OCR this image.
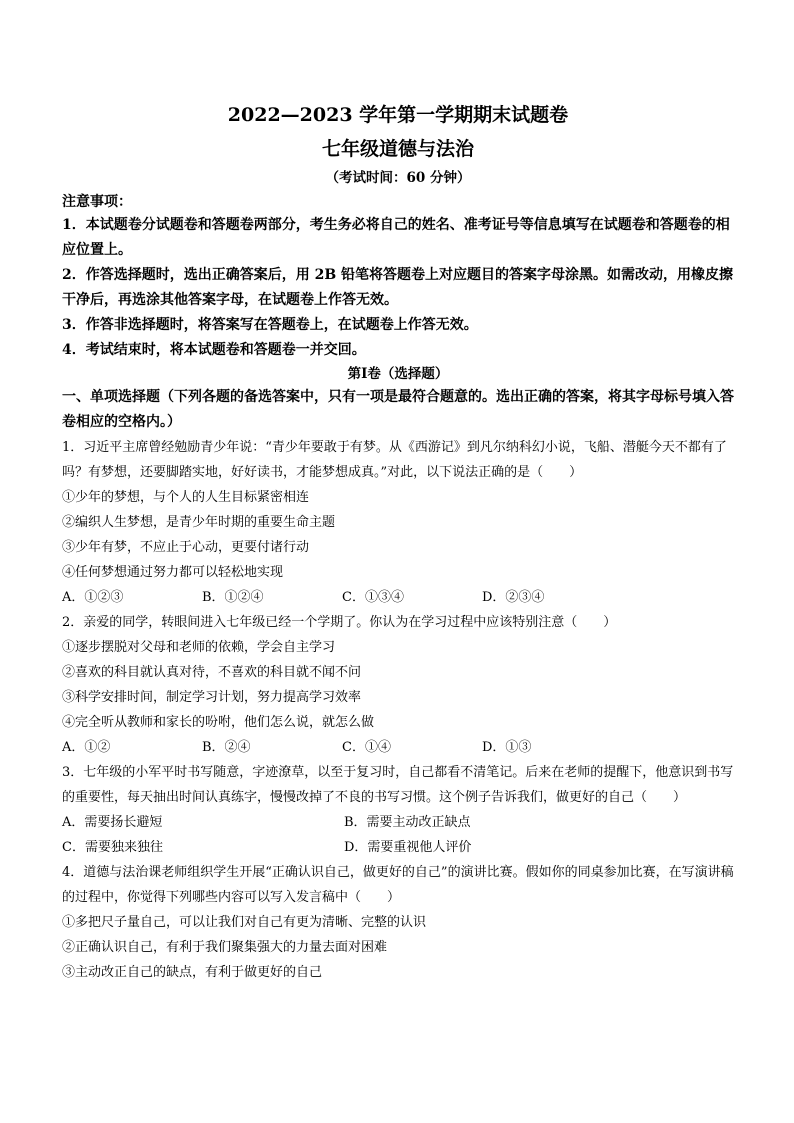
2022—2023 学年第一学期期末试题卷
七年级道德与法治
（考试时间：60 分钟）
注意事项：
1．本试题卷分试题卷和答题卷两部分，考生务必将自己的姓名、准考证号等信息填写在试题卷和答题卷的相应位置上。
2．作答选择题时，选出正确答案后，用 2B 铅笔将答题卷上对应题目的答案字母涂黑。如需改动，用橡皮擦干净后，再选涂其他答案字母，在试题卷上作答无效。
3．作答非选择题时，将答案写在答题卷上，在试题卷上作答无效。
4．考试结束时，将本试题卷和答题卷一并交回。
第Ⅰ卷（选择题）
一、单项选择题（下列各题的备选答案中，只有一项是最符合题意的。选出正确的答案，将其字母标号填入答卷相应的空格内。）
1．习近平主席曾经勉励青少年说：“青少年要敢于有梦。从《西游记》到凡尔纳科幻小说，飞船、潜艇今天不都有了吗？有梦想，还要脚踏实地，好好读书，才能梦想成真。”对此，以下说法正确的是（　　）
①少年的梦想，与个人的人生目标紧密相连
②编织人生梦想，是青少年时期的重要生命主题
③少年有梦，不应止于心动，更要付诸行动
④任何梦想通过努力都可以轻松地实现
A．①②③	B．①②④	C．①③④	D．②③④
2．亲爱的同学，转眼间进入七年级已经一个学期了。你认为在学习过程中应该特别注意（　　）
①逐步摆脱对父母和老师的依赖，学会自主学习
②喜欢的科目就认真对待，不喜欢的科目就不闻不问
③科学安排时间，制定学习计划，努力提高学习效率
④完全听从教师和家长的吩咐，他们怎么说，就怎么做
A．①②	B．②④	C．①④	D．①③
3．七年级的小军平时书写随意，字迹潦草，以至于复习时，自己都看不清笔记。后来在老师的提醒下，他意识到书写的重要性，每天抽出时间认真练字，慢慢改掉了不良的书写习惯。这个例子告诉我们，做更好的自己（　　）
A．需要扬长避短	B．需要主动改正缺点
C．需要独来独往	D．需要重视他人评价
4．道德与法治课老师组织学生开展“正确认识自己，做更好的自己”的演讲比赛。假如你的同桌参加比赛，在写演讲稿的过程中，你觉得下列哪些内容可以写入发言稿中（　　）
①多把尺子量自己，可以让我们对自己有更为清晰、完整的认识
②正确认识自己，有利于我们聚集强大的力量去面对困难
③主动改正自己的缺点，有利于做更好的自己
